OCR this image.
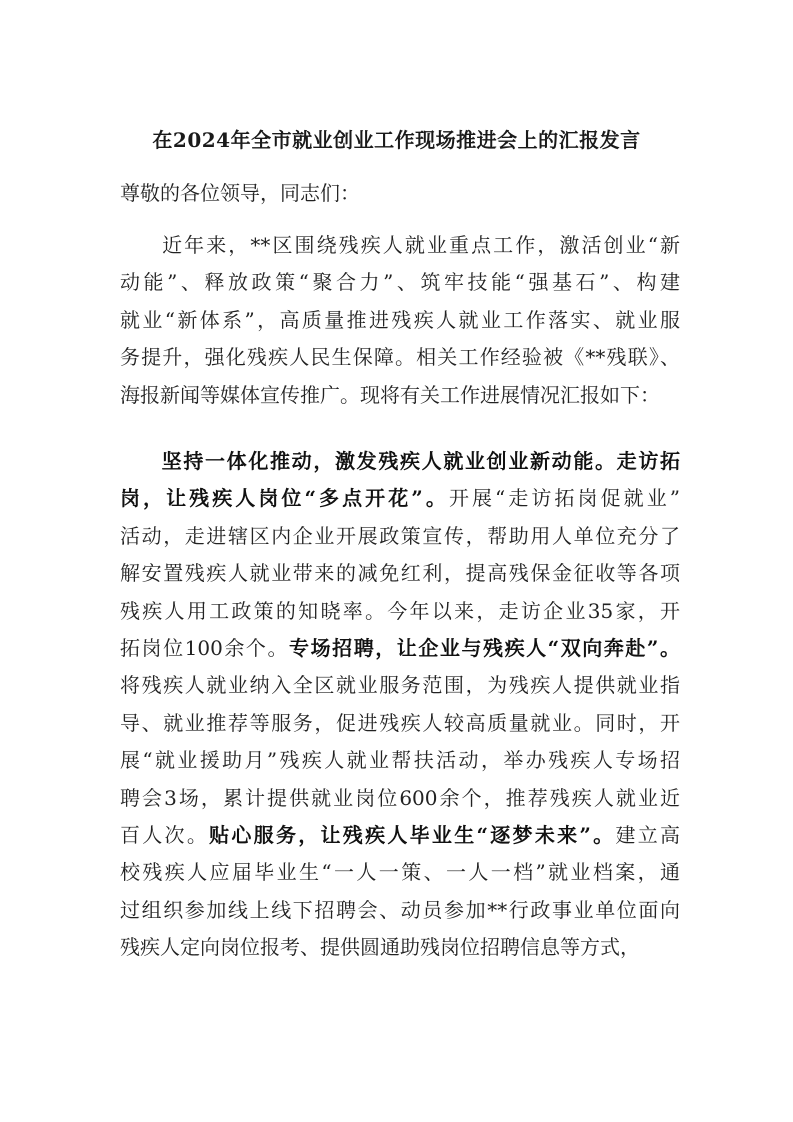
在2024年全市就业创业工作现场推进会上的汇报发言
尊敬的各位领导，同志们：
近年来，**区围绕残疾人就业重点工作，激活创业“新
动能”、释放政策“聚合力”、筑牢技能“强基石”、构建
就业“新体系”，高质量推进残疾人就业工作落实、就业服
务提升，强化残疾人民生保障。相关工作经验被《**残联》、
海报新闻等媒体宣传推广。现将有关工作进展情况汇报如下：
坚持一体化推动，激发残疾人就业创业新动能。走访拓
岗，让残疾人岗位“多点开花”。开展“走访拓岗促就业”
活动，走进辖区内企业开展政策宣传，帮助用人单位充分了
解安置残疾人就业带来的减免红利，提高残保金征收等各项
残疾人用工政策的知晓率。今年以来，走访企业35家，开
拓岗位100余个。专场招聘，让企业与残疾人“双向奔赴”。
将残疾人就业纳入全区就业服务范围，为残疾人提供就业指
导、就业推荐等服务，促进残疾人较高质量就业。同时，开
展“就业援助月”残疾人就业帮扶活动，举办残疾人专场招
聘会3场，累计提供就业岗位600余个，推荐残疾人就业近
百人次。贴心服务，让残疾人毕业生“逐梦未来”。建立高
校残疾人应届毕业生“一人一策、一人一档”就业档案，通
过组织参加线上线下招聘会、动员参加**行政事业单位面向
残疾人定向岗位报考、提供圆通助残岗位招聘信息等方式，
